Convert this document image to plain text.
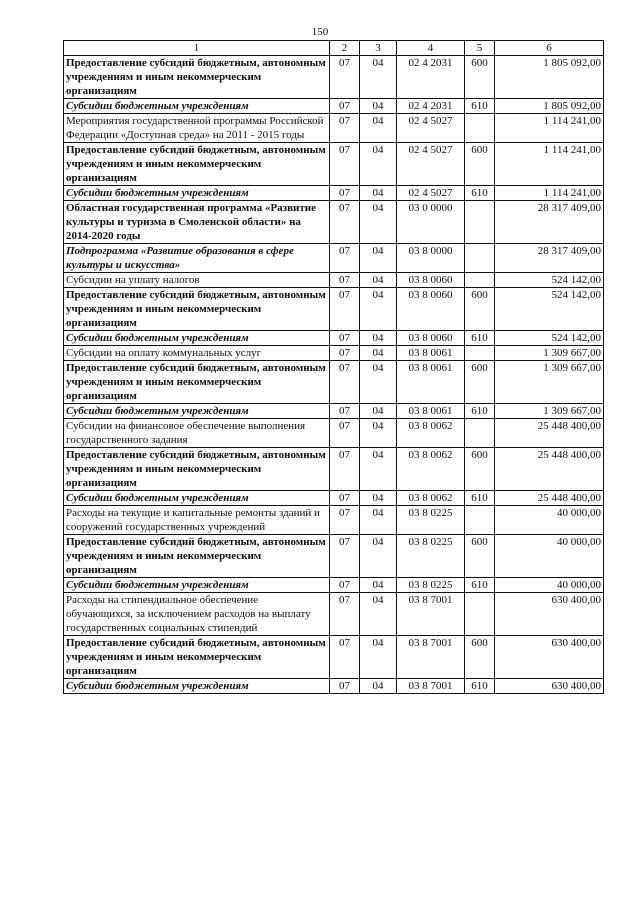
150
1	2	3	4	5	6
Предоставление субсидий бюджетным, автономным учреждениям и иным некоммерческим организациям	07	04	02 4 2031	600	1 805 092,00
Субсидии бюджетным учреждениям	07	04	02 4 2031	610	1 805 092,00
Мероприятия государственной программы Российской Федерации «Доступная среда» на 2011 - 2015 годы	07	04	02 4 5027		1 114 241,00
Предоставление субсидий бюджетным, автономным учреждениям и иным некоммерческим организациям	07	04	02 4 5027	600	1 114 241,00
Субсидии бюджетным учреждениям	07	04	02 4 5027	610	1 114 241,00
Областная государственная программа «Развитие культуры и туризма в Смоленской области» на 2014-2020 годы	07	04	03 0 0000		28 317 409,00
Подпрограмма «Развитие образования в сфере культуры и искусства»	07	04	03 8 0000		28 317 409,00
Субсидии на уплату налогов	07	04	03 8 0060		524 142,00
Предоставление субсидий бюджетным, автономным учреждениям и иным некоммерческим организациям	07	04	03 8 0060	600	524 142,00
Субсидии бюджетным учреждениям	07	04	03 8 0060	610	524 142,00
Субсидии на оплату коммунальных услуг	07	04	03 8 0061		1 309 667,00
Предоставление субсидий бюджетным, автономным учреждениям и иным некоммерческим организациям	07	04	03 8 0061	600	1 309 667,00
Субсидии бюджетным учреждениям	07	04	03 8 0061	610	1 309 667,00
Субсидии на финансовое обеспечение выполнения государственного задания	07	04	03 8 0062		25 448 400,00
Предоставление субсидий бюджетным, автономным учреждениям и иным некоммерческим организациям	07	04	03 8 0062	600	25 448 400,00
Субсидии бюджетным учреждениям	07	04	03 8 0062	610	25 448 400,00
Расходы на текущие и капитальные ремонты зданий и сооружений государственных учреждений	07	04	03 8 0225		40 000,00
Предоставление субсидий бюджетным, автономным учреждениям и иным некоммерческим организациям	07	04	03 8 0225	600	40 000,00
Субсидии бюджетным учреждениям	07	04	03 8 0225	610	40 000,00
Расходы на стипендиальное обеспечение обучающихся, за исключением расходов на выплату государственных социальных стипендий	07	04	03 8 7001		630 400,00
Предоставление субсидий бюджетным, автономным учреждениям и иным некоммерческим организациям	07	04	03 8 7001	600	630 400,00
Субсидии бюджетным учреждениям	07	04	03 8 7001	610	630 400,00
